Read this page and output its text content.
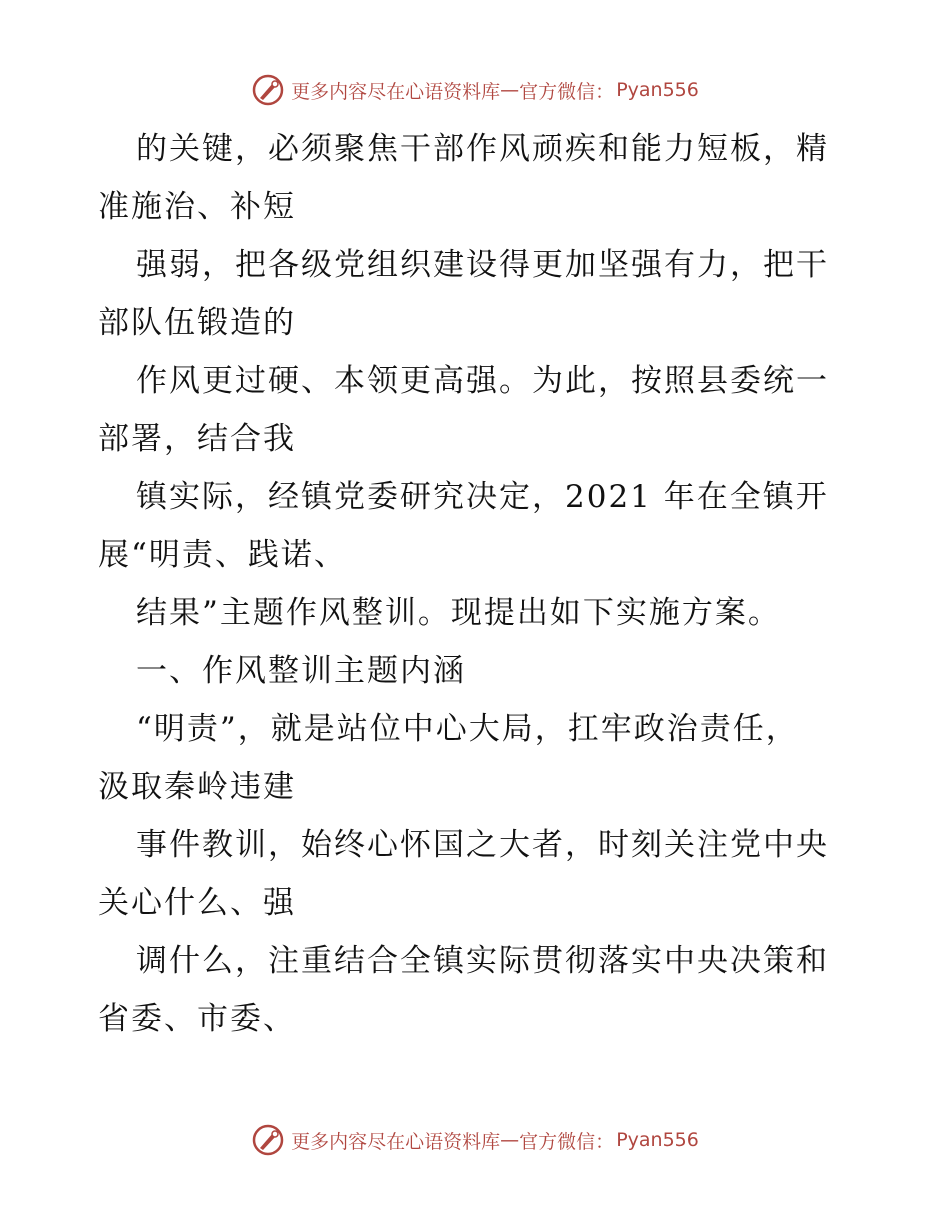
更多内容尽在心语资料库 — 官方微信： Pyan556
的关键，必须聚焦干部作风顽疾和能力短板，精
准施治、补短
强弱，把各级党组织建设得更加坚强有力，把干
部队伍锻造的
作风更过硬、本领更高强。为此，按照县委统一
部署，结合我
镇实际，经镇党委研究决定，2021 年在全镇开
展“明责、践诺、
结果”主题作风整训。现提出如下实施方案。
一、作风整训主题内涵
“明责”，就是站位中心大局，扛牢政治责任，
汲取秦岭违建
事件教训，始终心怀国之大者，时刻关注党中央
关心什么、强
调什么，注重结合全镇实际贯彻落实中央决策和
省委、市委、
更多内容尽在心语资料库 — 官方微信： Pyan556
